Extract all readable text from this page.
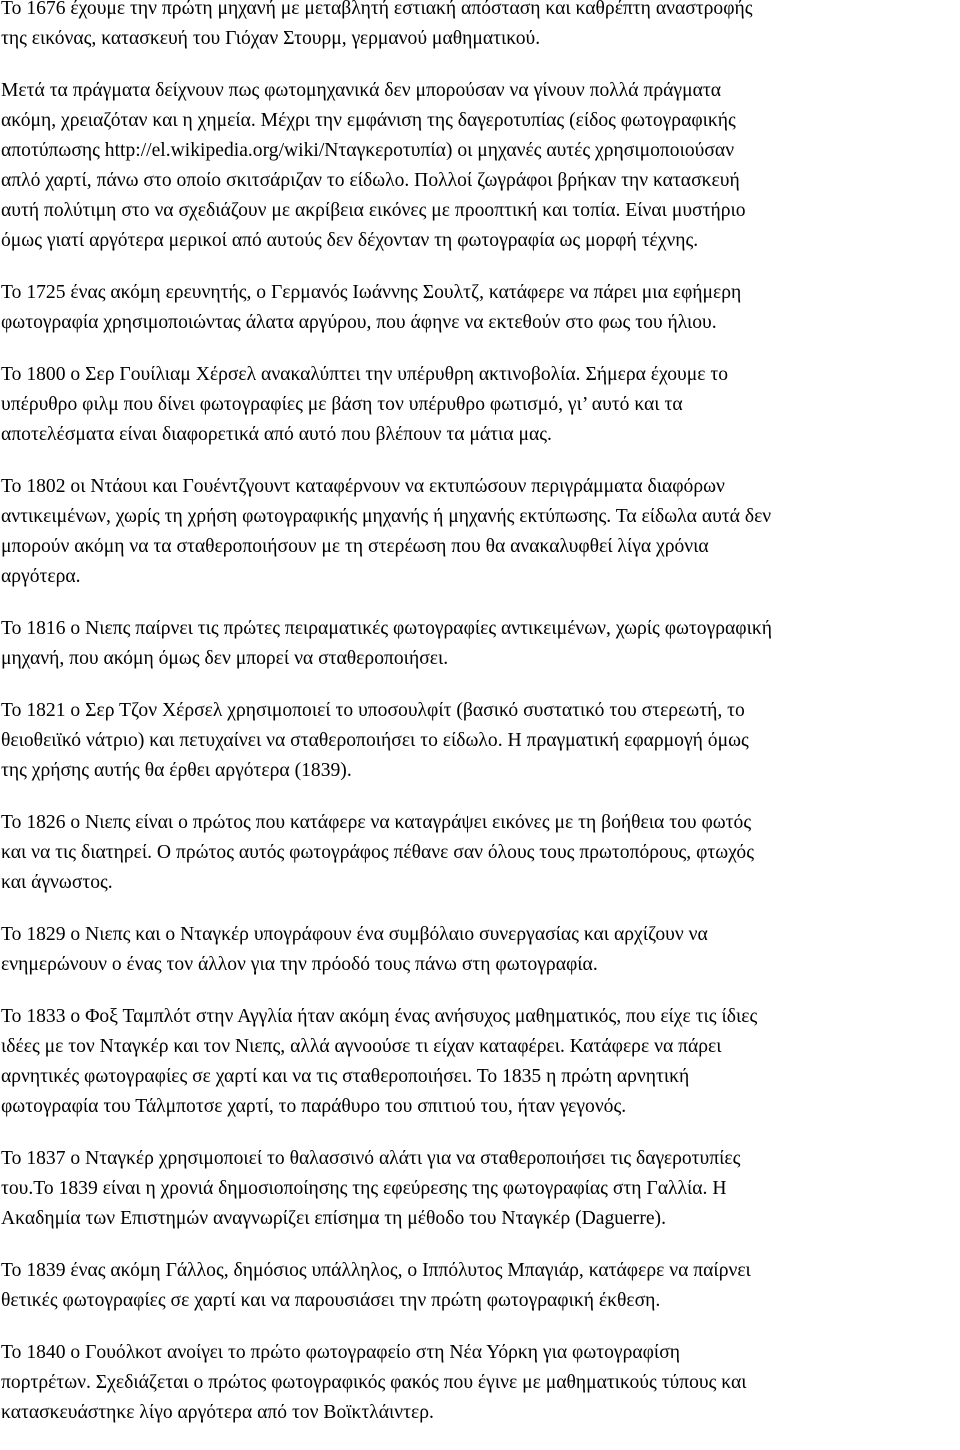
Το 1676 έχουμε την πρώτη μηχανή με μεταβλητή εστιακή απόσταση και καθρέπτη αναστροφής
της εικόνας, κατασκευή του Γιόχαν Στουρμ, γερμανού μαθηματικού.

Μετά τα πράγματα δείχνουν πως φωτομηχανικά δεν μπορούσαν να γίνουν πολλά πράγματα
ακόμη, χρειαζόταν και η χημεία. Μέχρι την εμφάνιση της δαγεροτυπίας (είδος φωτογραφικής
αποτύπωσης http://el.wikipedia.org/wiki/Νταγκεροτυπία) οι μηχανές αυτές χρησιμοποιούσαν
απλό χαρτί, πάνω στο οποίο σκιτσάριζαν το είδωλο. Πολλοί ζωγράφοι βρήκαν την κατασκευή
αυτή πολύτιμη στο να σχεδιάζουν με ακρίβεια εικόνες με προοπτική και τοπία. Είναι μυστήριο
όμως γιατί αργότερα μερικοί από αυτούς δεν δέχονταν τη φωτογραφία ως μορφή τέχνης.

Το 1725 ένας ακόμη ερευνητής, ο Γερμανός Ιωάννης Σουλτζ, κατάφερε να πάρει μια εφήμερη
φωτογραφία χρησιμοποιώντας άλατα αργύρου, που άφηνε να εκτεθούν στο φως του ήλιου.

Το 1800 ο Σερ Γουίλιαμ Χέρσελ ανακαλύπτει την υπέρυθρη ακτινοβολία. Σήμερα έχουμε το
υπέρυθρο φιλμ που δίνει φωτογραφίες με βάση τον υπέρυθρο φωτισμό, γι’ αυτό και τα
αποτελέσματα είναι διαφορετικά από αυτό που βλέπουν τα μάτια μας.

Το 1802 οι Ντάουι και Γουέντζγουντ καταφέρνουν να εκτυπώσουν περιγράμματα διαφόρων
αντικειμένων, χωρίς τη χρήση φωτογραφικής μηχανής ή μηχανής εκτύπωσης. Τα είδωλα αυτά δεν
μπορούν ακόμη να τα σταθεροποιήσουν με τη στερέωση που θα ανακαλυφθεί λίγα χρόνια
αργότερα.

Το 1816 ο Νιεπς παίρνει τις πρώτες πειραματικές φωτογραφίες αντικειμένων, χωρίς φωτογραφική
μηχανή, που ακόμη όμως δεν μπορεί να σταθεροποιήσει.

Το 1821 ο Σερ Τζον Χέρσελ χρησιμοποιεί το υποσουλφίτ (βασικό συστατικό του στερεωτή, το
θειοθειϊκό νάτριο) και πετυχαίνει να σταθεροποιήσει το είδωλο. Η πραγματική εφαρμογή όμως
της χρήσης αυτής θα έρθει αργότερα (1839).

Το 1826 ο Νιεπς είναι ο πρώτος που κατάφερε να καταγράψει εικόνες με τη βοήθεια του φωτός
και να τις διατηρεί. Ο πρώτος αυτός φωτογράφος πέθανε σαν όλους τους πρωτοπόρους, φτωχός
και άγνωστος.

Το 1829 ο Νιεπς και ο Νταγκέρ υπογράφουν ένα συμβόλαιο συνεργασίας και αρχίζουν να
ενημερώνουν ο ένας τον άλλον για την πρόοδό τους πάνω στη φωτογραφία.

Το 1833 ο Φοξ Ταμπλότ στην Αγγλία ήταν ακόμη ένας ανήσυχος μαθηματικός, που είχε τις ίδιες
ιδέες με τον Νταγκέρ και τον Νιεπς, αλλά αγνοούσε τι είχαν καταφέρει. Κατάφερε να πάρει
αρνητικές φωτογραφίες σε χαρτί και να τις σταθεροποιήσει. Το 1835 η πρώτη αρνητική
φωτογραφία του Τάλμποτσε χαρτί, το παράθυρο του σπιτιού του, ήταν γεγονός.

Το 1837 ο Νταγκέρ χρησιμοποιεί το θαλασσινό αλάτι για να σταθεροποιήσει τις δαγεροτυπίες
του.Το 1839 είναι η χρονιά δημοσιοποίησης της εφεύρεσης της φωτογραφίας στη Γαλλία. Η
Ακαδημία των Επιστημών αναγνωρίζει επίσημα τη μέθοδο του Νταγκέρ (Daguerre).

Το 1839 ένας ακόμη Γάλλος, δημόσιος υπάλληλος, ο Ιππόλυτος Μπαγιάρ, κατάφερε να παίρνει
θετικές φωτογραφίες σε χαρτί και να παρουσιάσει την πρώτη φωτογραφική έκθεση.

Το 1840 ο Γουόλκοτ ανοίγει το πρώτο φωτογραφείο στη Νέα Υόρκη για φωτογραφίση
πορτρέτων. Σχεδιάζεται ο πρώτος φωτογραφικός φακός που έγινε με μαθηματικούς τύπους και
κατασκευάστηκε λίγο αργότερα από τον Βοϊκτλάιντερ.
